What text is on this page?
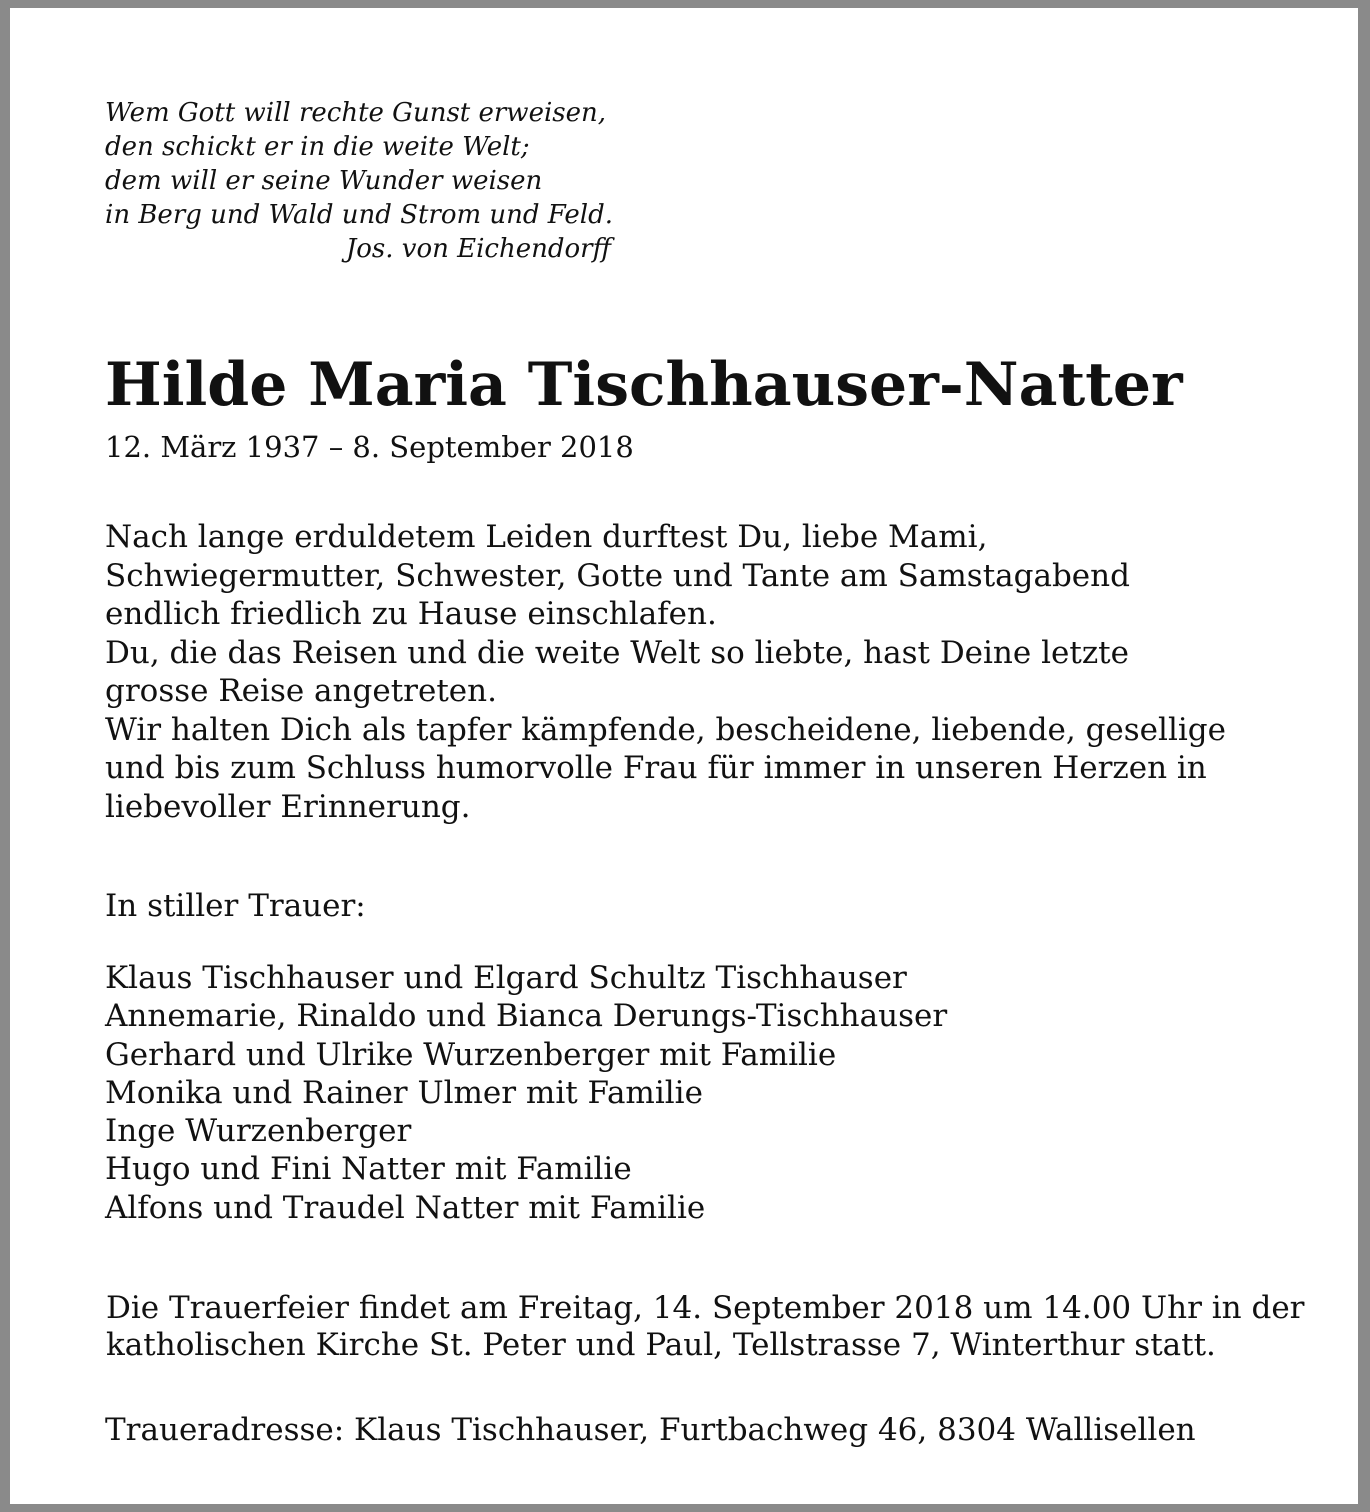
Wem Gott will rechte Gunst erweisen,
den schickt er in die weite Welt;
dem will er seine Wunder weisen
in Berg und Wald und Strom und Feld.
Jos. von Eichendorff
Hilde Maria Tischhauser-Natter
12. März 1937 – 8. September 2018
Nach lange erduldetem Leiden durftest Du, liebe Mami,
Schwiegermutter, Schwester, Gotte und Tante am Samstagabend
endlich friedlich zu Hause einschlafen.
Du, die das Reisen und die weite Welt so liebte, hast Deine letzte
grosse Reise angetreten.
Wir halten Dich als tapfer kämpfende, bescheidene, liebende, gesellige
und bis zum Schluss humorvolle Frau für immer in unseren Herzen in
liebevoller Erinnerung.
In stiller Trauer:
Klaus Tischhauser und Elgard Schultz Tischhauser
Annemarie, Rinaldo und Bianca Derungs-Tischhauser
Gerhard und Ulrike Wurzenberger mit Familie
Monika und Rainer Ulmer mit Familie
Inge Wurzenberger
Hugo und Fini Natter mit Familie
Alfons und Traudel Natter mit Familie
Die Trauerfeier findet am Freitag, 14. September 2018 um 14.00 Uhr in der
katholischen Kirche St. Peter und Paul, Tellstrasse 7, Winterthur statt.
Traueradresse: Klaus Tischhauser, Furtbachweg 46, 8304 Wallisellen
